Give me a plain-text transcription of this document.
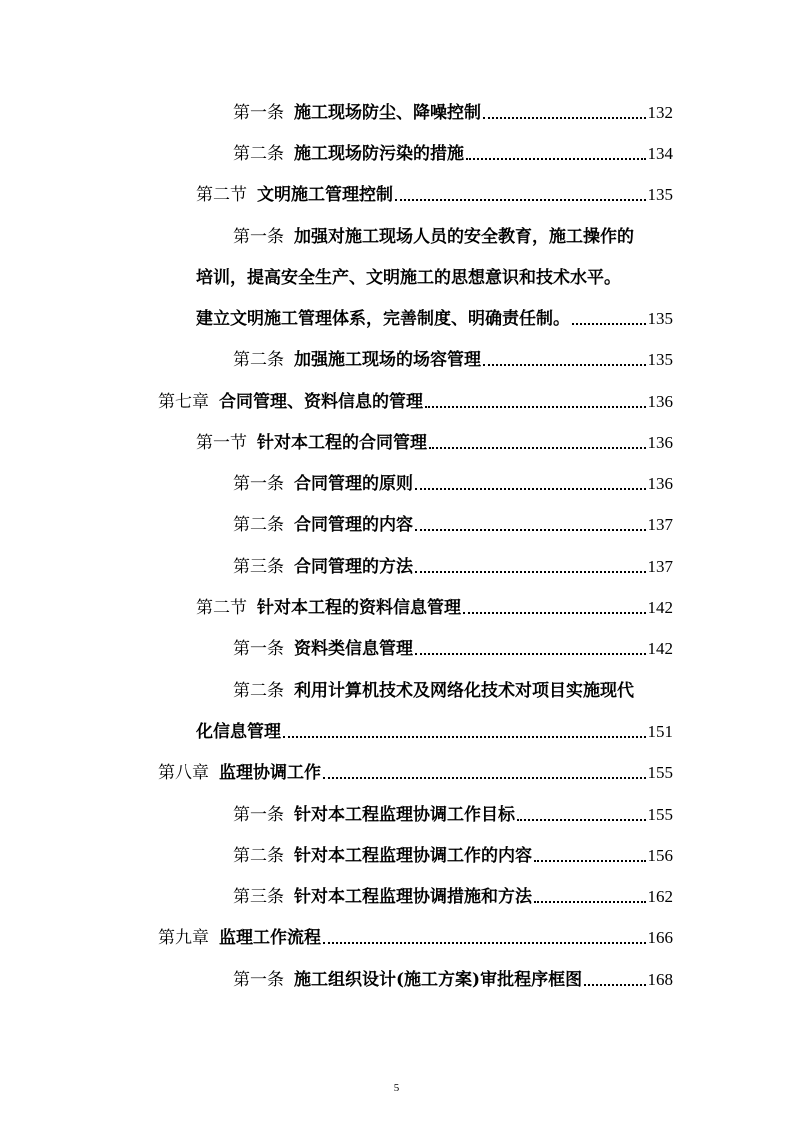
第一条 施工现场防尘、降噪控制	132
第二条 施工现场防污染的措施	134
第二节 文明施工管理控制	135
第一条 加强对施工现场人员的安全教育，施工操作的
培训，提高安全生产、文明施工的思想意识和技术水平。
建立文明施工管理体系，完善制度、明确责任制。	135
第二条 加强施工现场的场容管理	135
第七章 合同管理、资料信息的管理	136
第一节 针对本工程的合同管理	136
第一条 合同管理的原则	136
第二条 合同管理的内容	137
第三条 合同管理的方法	137
第二节 针对本工程的资料信息管理	142
第一条 资料类信息管理	142
第二条 利用计算机技术及网络化技术对项目实施现代
化信息管理	151
第八章 监理协调工作	155
第一条 针对本工程监理协调工作目标	155
第二条 针对本工程监理协调工作的内容	156
第三条 针对本工程监理协调措施和方法	162
第九章 监理工作流程	166
第一条 施工组织设计(施工方案)审批程序框图	168
5
